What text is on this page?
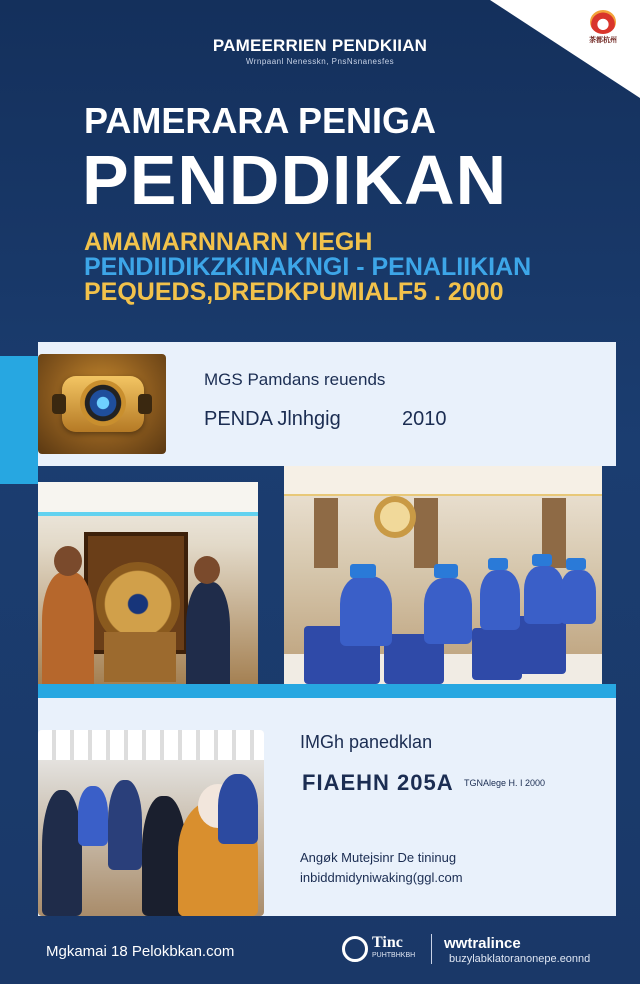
茶都杭州
PAMEERRIEN PENDKIIAN
Wrnpaanl Nenesskn, PnsNsnanesfes
PAMERARA PENIGA
PENDDIKAN
AMAMARNNARN YIEGH
PENDIIDIKZKINAKNGI - PENALIIKIAN
PEQUEDS,DREDKPUMIALF5 . 2000
MGS Pamdans reuends
PENDA Jlnhgig	2010
IMGh panedklan
FIAEHN 205A TGNAlege H. I 2000
Angøk Mutejsinr De tininug
inbiddmidyniwaking(ggl.com
Mgkamai 18 Pelokbkan.com
Tinc
PUHTBHKBH
wwtralince
buzylabklatoranonepe.eonnd
